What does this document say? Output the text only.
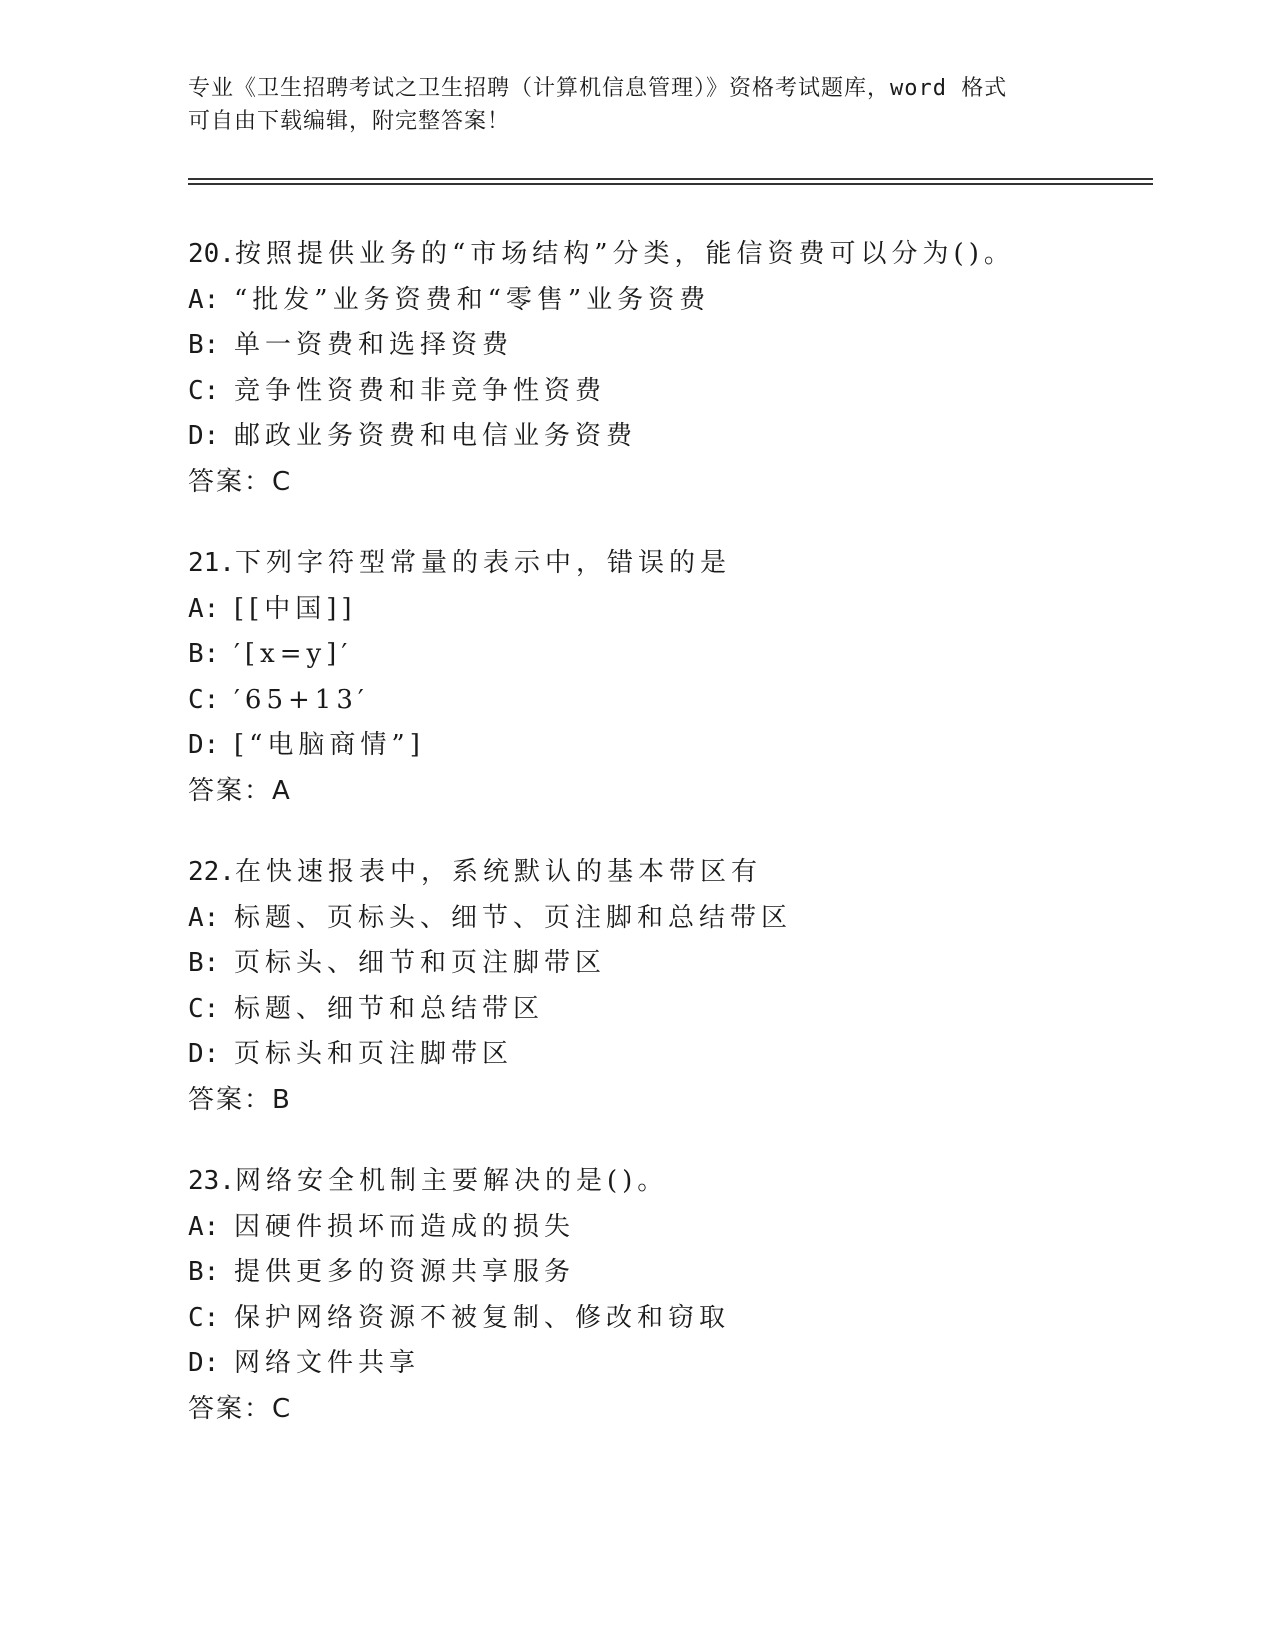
专业《卫生招聘考试之卫生招聘（计算机信息管理）》资格考试题库，word 格式
可自由下载编辑，附完整答案！
20.按照提供业务的“市场结构”分类，能信资费可以分为()。
A: “批发”业务资费和“零售”业务资费
B: 单一资费和选择资费
C: 竞争性资费和非竞争性资费
D: 邮政业务资费和电信业务资费
答案：C
21.下列字符型常量的表示中，错误的是
A: [[中国]]
B: ′[x=y]′
C: ′65+13′
D: [“电脑商情”]
答案：A
22.在快速报表中，系统默认的基本带区有
A: 标题、页标头、细节、页注脚和总结带区
B: 页标头、细节和页注脚带区
C: 标题、细节和总结带区
D: 页标头和页注脚带区
答案：B
23.网络安全机制主要解决的是()。
A: 因硬件损坏而造成的损失
B: 提供更多的资源共享服务
C: 保护网络资源不被复制、修改和窃取
D: 网络文件共享
答案：C
